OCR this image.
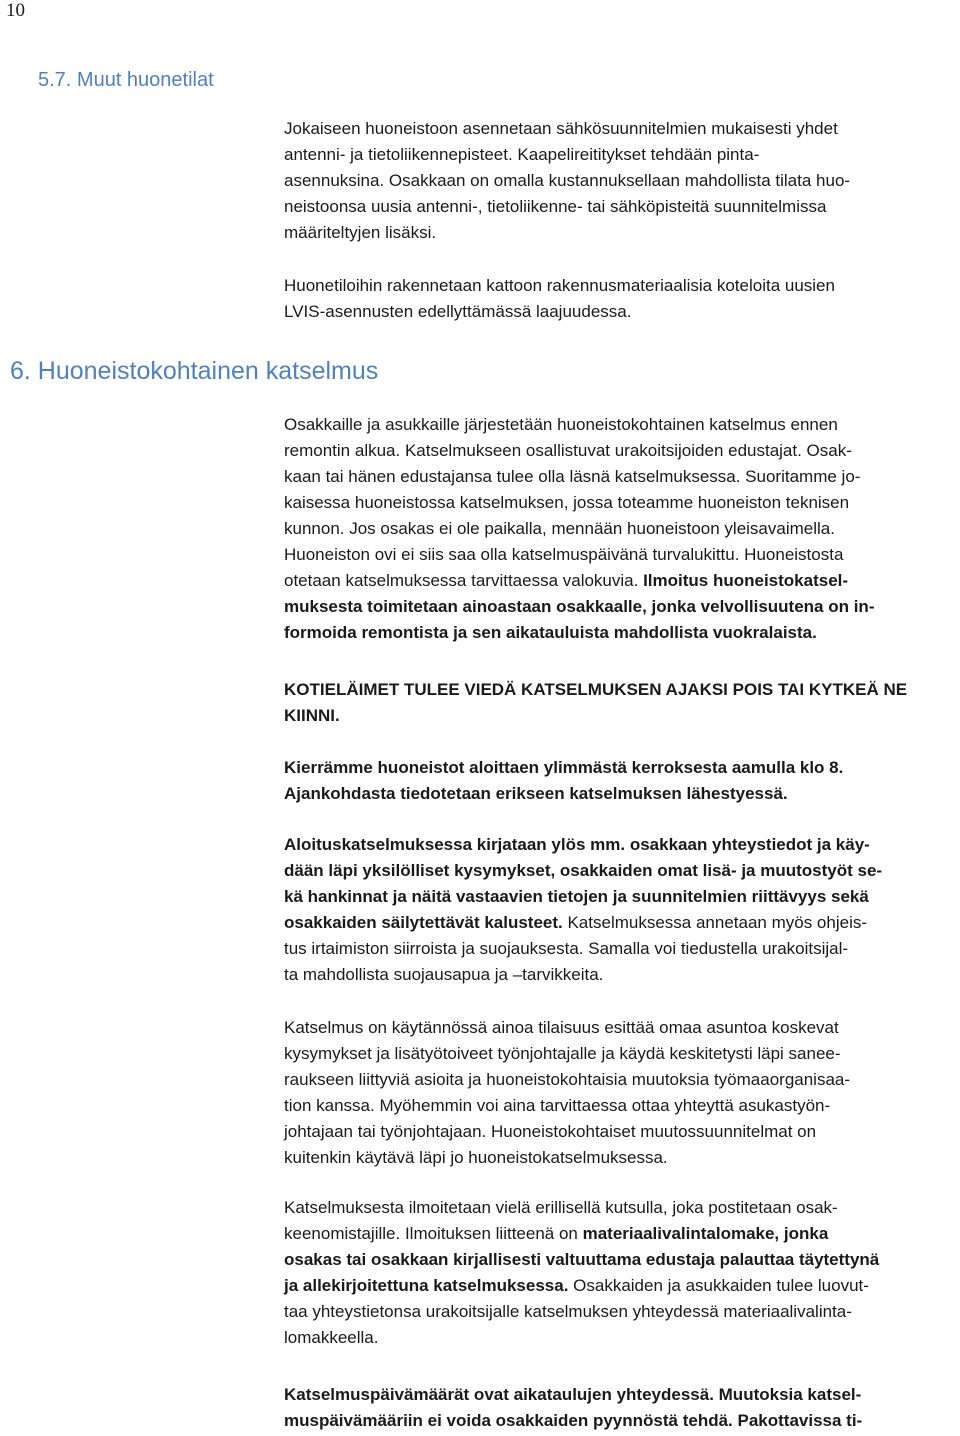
10
5.7. Muut huonetilat
6. Huoneistokohtainen katselmus

Jokaiseen huoneistoon asennetaan sähkösuunnitelmien mukaisesti yhdet
antenni- ja tietoliikennepisteet. Kaapelireititykset tehdään pinta-
asennuksina. Osakkaan on omalla kustannuksellaan mahdollista tilata huo-
neistoonsa uusia antenni-, tietoliikenne- tai sähköpisteitä suunnitelmissa
määriteltyjen lisäksi.

Huonetiloihin rakennetaan kattoon rakennusmateriaalisia koteloita uusien
LVIS-asennusten edellyttämässä laajuudessa.

Osakkaille ja asukkaille järjestetään huoneistokohtainen katselmus ennen
remontin alkua. Katselmukseen osallistuvat urakoitsijoiden edustajat. Osak-
kaan tai hänen edustajansa tulee olla läsnä katselmuksessa. Suoritamme jo-
kaisessa huoneistossa katselmuksen, jossa toteamme huoneiston teknisen
kunnon. Jos osakas ei ole paikalla, mennään huoneistoon yleisavaimella.
Huoneiston ovi ei siis saa olla katselmuspäivänä turvalukittu. Huoneistosta
otetaan katselmuksessa tarvittaessa valokuvia. Ilmoitus huoneistokatsel-
muksesta toimitetaan ainoastaan osakkaalle, jonka velvollisuutena on in-
formoida remontista ja sen aikatauluista mahdollista vuokralaista.

KOTIELÄIMET TULEE VIEDÄ KATSELMUKSEN AJAKSI POIS TAI KYTKEÄ NE
KIINNI.

Kierrämme huoneistot aloittaen ylimmästä kerroksesta aamulla klo 8.
Ajankohdasta tiedotetaan erikseen katselmuksen lähestyessä.

Aloituskatselmuksessa kirjataan ylös mm. osakkaan yhteystiedot ja käy-
dään läpi yksilölliset kysymykset, osakkaiden omat lisä- ja muutostyöt se-
kä hankinnat ja näitä vastaavien tietojen ja suunnitelmien riittävyys sekä
osakkaiden säilytettävät kalusteet. Katselmuksessa annetaan myös ohjeis-
tus irtaimiston siirroista ja suojauksesta. Samalla voi tiedustella urakoitsijal-
ta mahdollista suojausapua ja –tarvikkeita.

Katselmus on käytännössä ainoa tilaisuus esittää omaa asuntoa koskevat
kysymykset ja lisätyötoiveet työnjohtajalle ja käydä keskitetysti läpi saneе-
raukseen liittyviä asioita ja huoneistokohtaisia muutoksia työmaaorganisaa-
tion kanssa. Myöhemmin voi aina tarvittaessa ottaa yhteyttä asukastyön-
johtajaan tai työnjohtajaan. Huoneistokohtaiset muutossuunnitelmat on
kuitenkin käytävä läpi jo huoneistokatselmuksessa.

Katselmuksesta ilmoitetaan vielä erillisellä kutsulla, joka postitetaan osak-
keenomistajille. Ilmoituksen liitteenä on materiaalivalintalomake, jonka
osakas tai osakkaan kirjallisesti valtuuttama edustaja palauttaa täytettynä
ja allekirjoitettuna katselmuksessa. Osakkaiden ja asukkaiden tulee luovut-
taa yhteystietonsa urakoitsijalle katselmuksen yhteydessä materiaalivalinta-
lomakkeella.

Katselmuspäivämäärät ovat aikataulujen yhteydessä. Muutoksia katsel-
muspäivämääriin ei voida osakkaiden pyynnöstä tehdä. Pakottavissa ti-
